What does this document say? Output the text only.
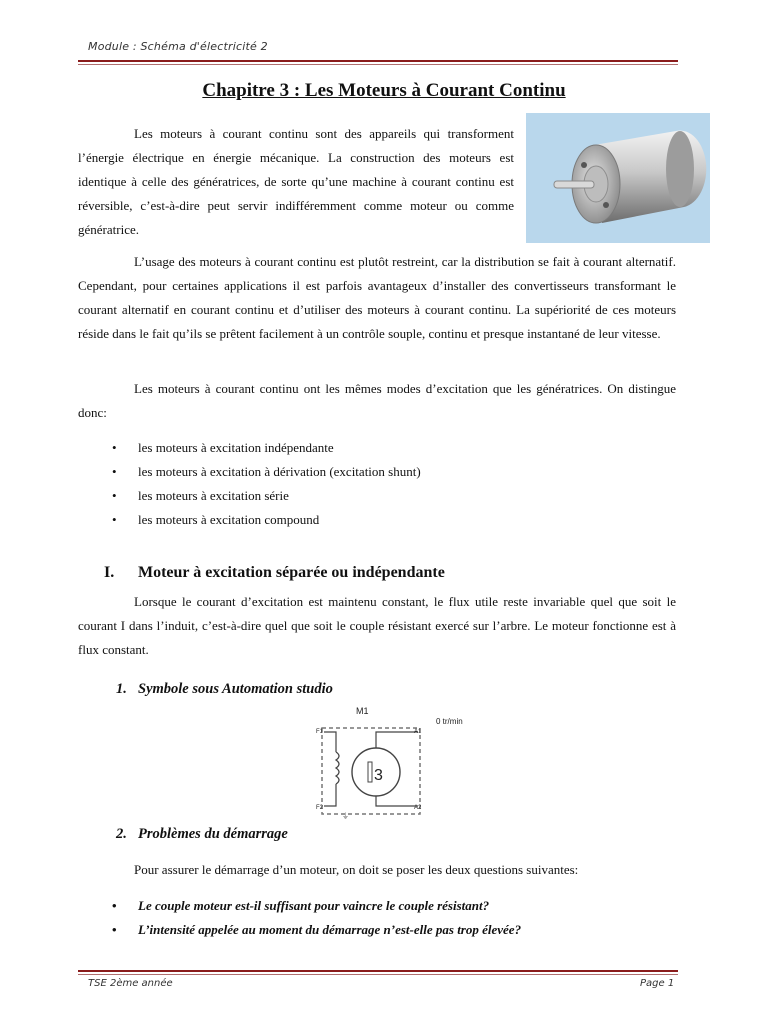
Module : Schéma d'électricité 2
Chapitre 3 : Les Moteurs à Courant Continu

Les moteurs à courant continu sont des appareils qui transforment l’énergie électrique en énergie mécanique. La construction des moteurs est identique à celle des génératrices, de sorte qu’une machine à courant continu est réversible, c’est-à-dire peut servir indifféremment comme moteur ou comme génératrice.

L’usage des moteurs à courant continu est plutôt restreint, car la distribution se fait à courant alternatif. Cependant, pour certaines applications il est parfois avantageux d’installer des convertisseurs transformant le courant alternatif en courant continu et d’utiliser des moteurs à courant continu. La supériorité de ces moteurs réside dans le fait qu’ils se prêtent facilement à un contrôle souple, continu et presque instantané de leur vitesse.

Les moteurs à courant continu ont les mêmes modes d’excitation que les génératrices. On distingue donc:

• les moteurs à excitation indépendante
• les moteurs à excitation à dérivation (excitation shunt)
• les moteurs à excitation série
• les moteurs à excitation compound
I. Moteur à excitation séparée ou indépendante

Lorsque le courant d’excitation est maintenu constant, le flux utile reste invariable quel que soit le courant I dans l’induit, c’est-à-dire quel que soit le couple résistant exercé sur l’arbre. Le moteur fonctionne est à flux constant.

1. Symbole sous Automation studio
M1
0 tr/min
3
F1
F2
A1
A2
⏚
2. Problèmes du démarrage

Pour assurer le démarrage d’un moteur, on doit se poser les deux questions suivantes:

• Le couple moteur est-il suffisant pour vaincre le couple résistant?
• L’intensité appelée au moment du démarrage n’est-elle pas trop élevée?
TSE 2ème année	Page 1
